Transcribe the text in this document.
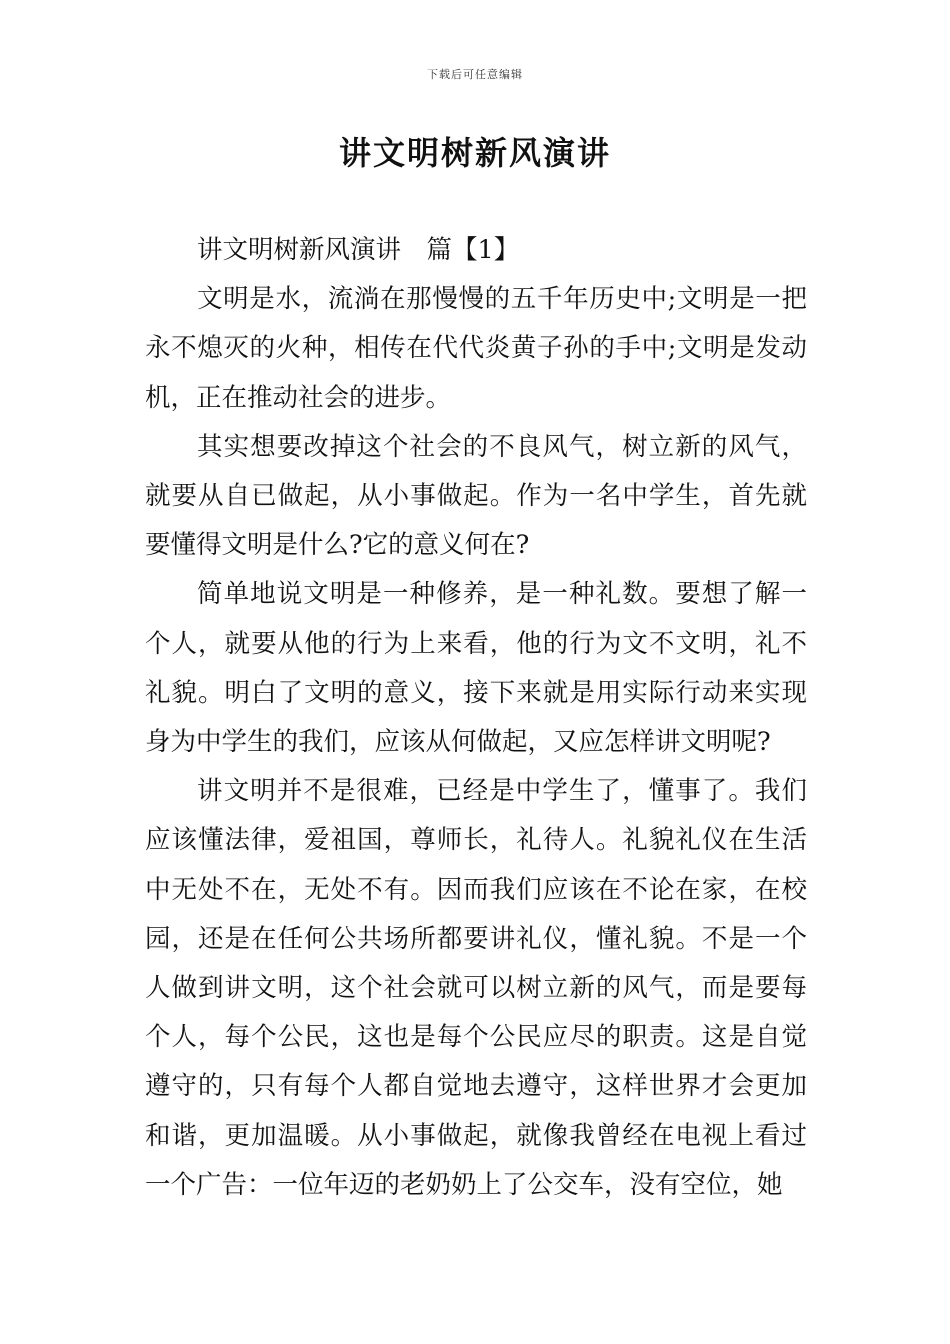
下载后可任意编辑
讲文明树新风演讲
讲文明树新风演讲　篇【1】

文明是水，流淌在那慢慢的五千年历史中;文明是一把永不熄灭的火种，相传在代代炎黄子孙的手中;文明是发动机，正在推动社会的进步。

其实想要改掉这个社会的不良风气，树立新的风气，就要从自已做起，从小事做起。作为一名中学生，首先就要懂得文明是什么?它的意义何在?

简单地说文明是一种修养，是一种礼数。要想了解一个人，就要从他的行为上来看，他的行为文不文明，礼不礼貌。明白了文明的意义，接下来就是用实际行动来实现身为中学生的我们，应该从何做起，又应怎样讲文明呢?

讲文明并不是很难，已经是中学生了，懂事了。我们应该懂法律，爱祖国，尊师长，礼待人。礼貌礼仪在生活中无处不在，无处不有。因而我们应该在不论在家，在校园，还是在任何公共场所都要讲礼仪，懂礼貌。不是一个人做到讲文明，这个社会就可以树立新的风气，而是要每个人，每个公民，这也是每个公民应尽的职责。这是自觉遵守的，只有每个人都自觉地去遵守，这样世界才会更加和谐，更加温暖。从小事做起，就像我曾经在电视上看过一个广告：一位年迈的老奶奶上了公交车，没有空位，她
